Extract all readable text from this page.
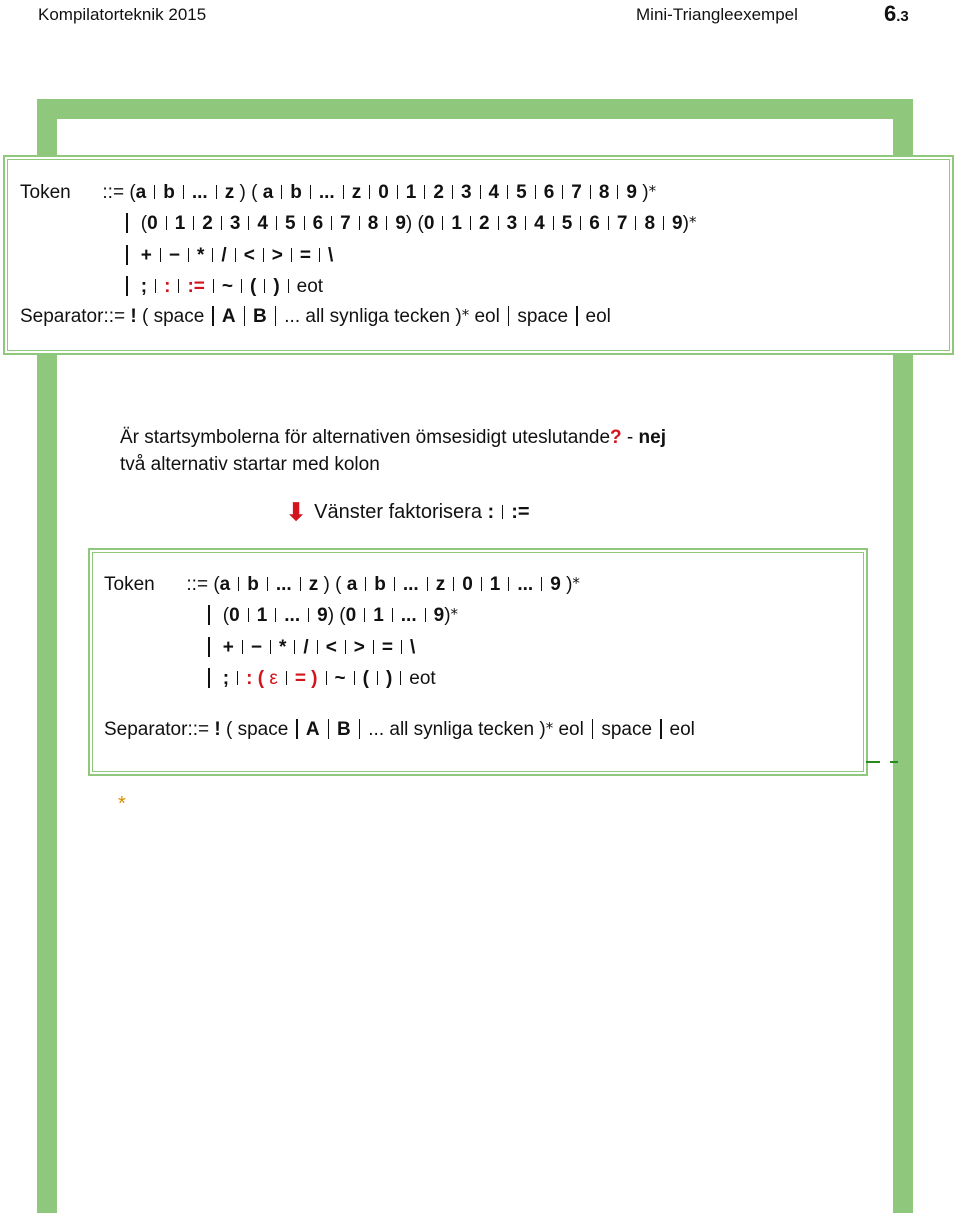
Kompilatorteknik 2015	Mini-Triangleexempel	6.3
Token ::= (a b ... z ) ( a b ... z 0 1 2 3 4 5 6 7 8 9 )*
(0 1 2 3 4 5 6 7 8 9) (0 1 2 3 4 5 6 7 8 9)*
+ − * / < > = \
; : := ~ ( ) eot
Separator::= ! ( space A B ... all synliga tecken )* eol space eol
Är startsymbolerna för alternativen ömsesidigt uteslutande? - nej
två alternativ startar med kolon
⬇ Vänster faktorisera : :=
Token ::= (a b ... z ) ( a b ... z 0 1 ... 9 )*
(0 1 ... 9) (0 1 ... 9)*
+ − * / < > = \
; : ( ε = ) ~ ( ) eot
Separator::= ! ( space A B ... all synliga tecken )* eol space eol
*
